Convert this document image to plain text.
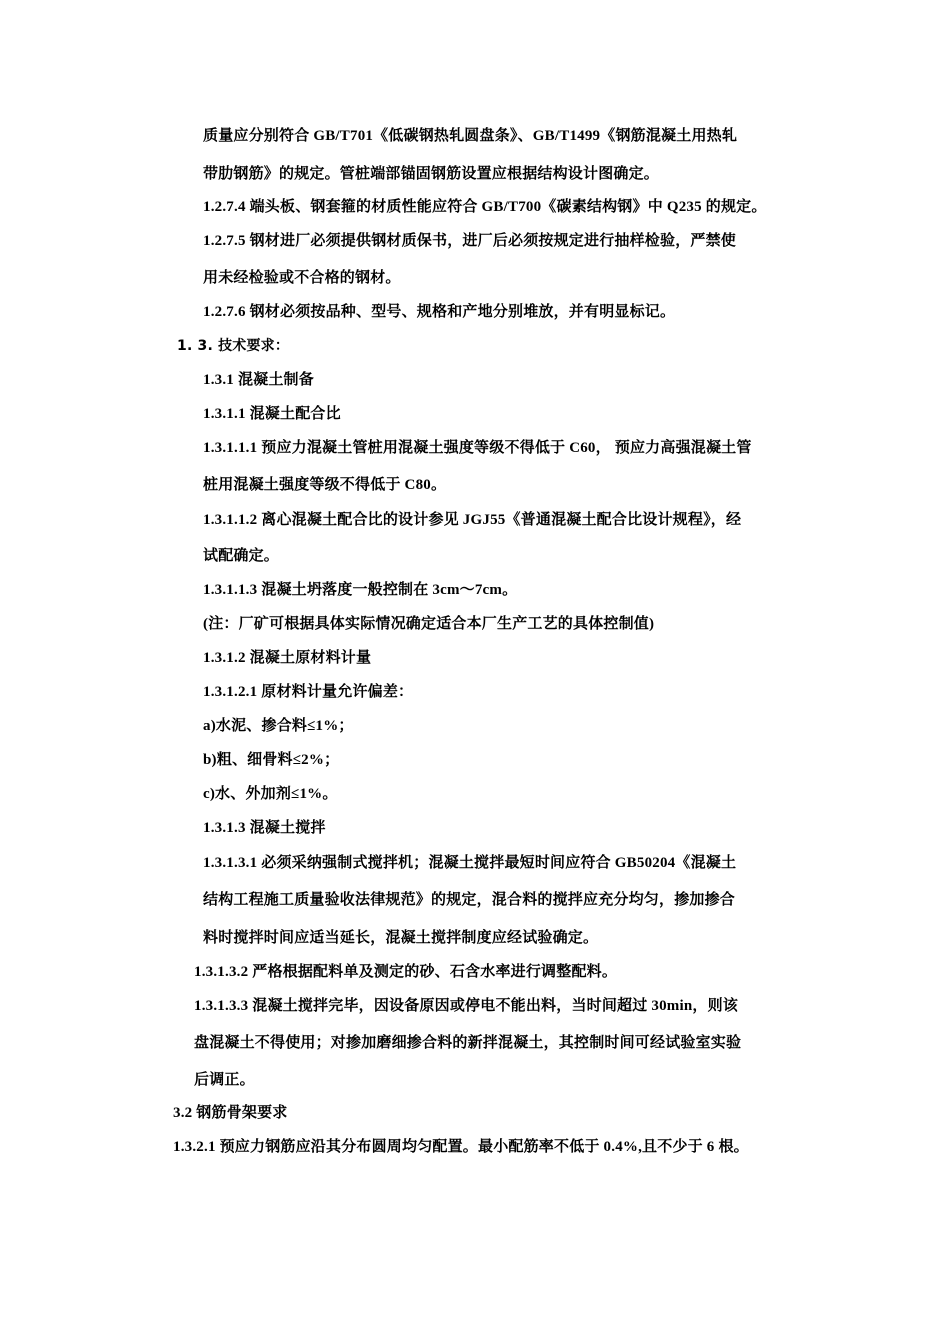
质量应分别符合 GB/T701《低碳钢热轧圆盘条》、GB/T1499《钢筋混凝土用热轧
带肋钢筋》的规定。管桩端部锚固钢筋设置应根据结构设计图确定。
1.2.7.4 端头板、钢套箍的材质性能应符合 GB/T700《碳素结构钢》中 Q235 的规定。
1.2.7.5 钢材进厂必须提供钢材质保书，进厂后必须按规定进行抽样检验，严禁使
用未经检验或不合格的钢材。
1.2.7.6 钢材必须按品种、型号、规格和产地分别堆放，并有明显标记。
1. 3. 技术要求：
1.3.1 混凝土制备
1.3.1.1 混凝土配合比
1.3.1.1.1 预应力混凝土管桩用混凝土强度等级不得低于 C60， 预应力高强混凝土管
桩用混凝土强度等级不得低于 C80。
1.3.1.1.2 离心混凝土配合比的设计参见 JGJ55《普通混凝土配合比设计规程》，经
试配确定。
1.3.1.1.3 混凝土坍落度一般控制在 3cm～7cm。
(注：厂矿可根据具体实际情况确定适合本厂生产工艺的具体控制值)
1.3.1.2 混凝土原材料计量
1.3.1.2.1 原材料计量允许偏差：
a)水泥、掺合料≤1%；
b)粗、细骨料≤2%；
c)水、外加剂≤1%。
1.3.1.3 混凝土搅拌
1.3.1.3.1 必须采纳强制式搅拌机；混凝土搅拌最短时间应符合 GB50204《混凝土
结构工程施工质量验收法律规范》的规定，混合料的搅拌应充分均匀，掺加掺合
料时搅拌时间应适当延长，混凝土搅拌制度应经试验确定。
1.3.1.3.2 严格根据配料单及测定的砂、石含水率进行调整配料。
1.3.1.3.3 混凝土搅拌完毕，因设备原因或停电不能出料，当时间超过 30min，则该
盘混凝土不得使用；对掺加磨细掺合料的新拌混凝土，其控制时间可经试验室实验
后调正。
3.2 钢筋骨架要求
1.3.2.1 预应力钢筋应沿其分布圆周均匀配置。最小配筋率不低于 0.4%,且不少于 6 根。
